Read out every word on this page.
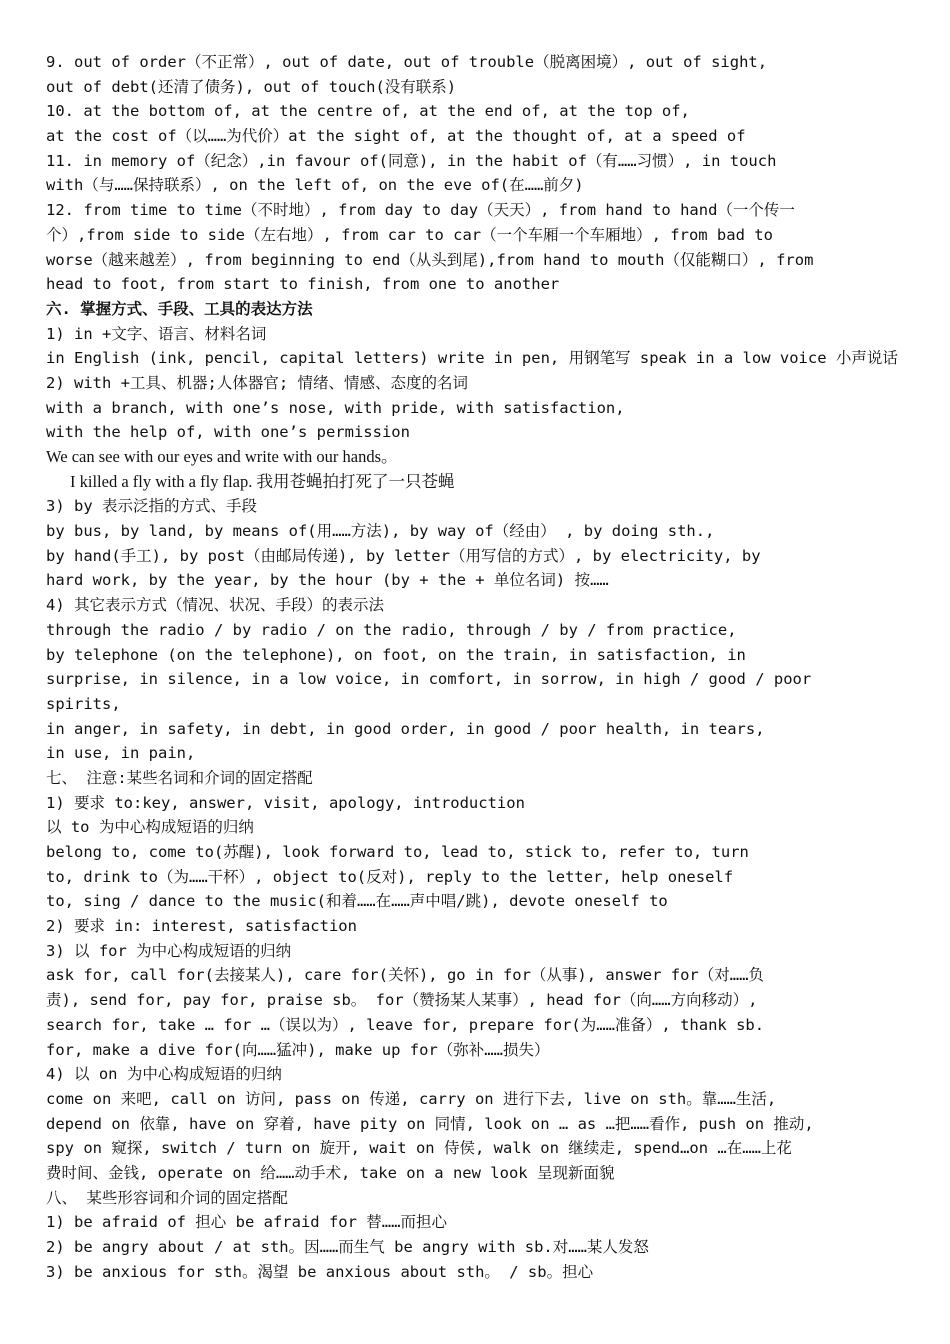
9. out of order（不正常）, out of date, out of trouble（脱离困境）, out of sight,
out of debt(还清了债务), out of touch(没有联系)
10. at the bottom of, at the centre of, at the end of, at the top of,
at the cost of（以……为代价）at the sight of, at the thought of, at a speed of
11. in memory of（纪念）,in favour of(同意), in the habit of（有……习惯）, in touch
with（与……保持联系）, on the left of, on the eve of(在……前夕)
12. from time to time（不时地）, from day to day（天天）, from hand to hand（一个传一
个）,from side to side（左右地）, from car to car（一个车厢一个车厢地）, from bad to
worse（越来越差）, from beginning to end（从头到尾),from hand to mouth（仅能糊口）, from
head to foot, from start to finish, from one to another
六. 掌握方式、手段、工具的表达方法
1) in +文字、语言、材料名词
in English (ink, pencil, capital letters) write in pen, 用钢笔写 speak in a low voice 小声说话
2) with +工具、机器;人体器官; 情绪、情感、态度的名词
with a branch, with one’s nose, with pride, with satisfaction,
with the help of, with one’s permission
We can see with our eyes and write with our hands。
I killed a fly with a fly flap. 我用苍蝇拍打死了一只苍蝇
3) by 表示泛指的方式、手段
by bus, by land, by means of(用……方法), by way of（经由） , by doing sth.,
by hand(手工), by post（由邮局传递), by letter（用写信的方式）, by electricity, by
hard work, by the year, by the hour (by + the + 单位名词) 按……
4) 其它表示方式（情况、状况、手段）的表示法
through the radio / by radio / on the radio, through / by / from practice,
by telephone (on the telephone), on foot, on the train, in satisfaction, in
surprise, in silence, in a low voice, in comfort, in sorrow, in high / good / poor
spirits,
in anger, in safety, in debt, in good order, in good / poor health, in tears,
in use, in pain,
七、 注意:某些名词和介词的固定搭配
1) 要求 to:key, answer, visit, apology, introduction
以 to 为中心构成短语的归纳
belong to, come to(苏醒), look forward to, lead to, stick to, refer to, turn
to, drink to（为……干杯）, object to(反对), reply to the letter, help oneself
to, sing / dance to the music(和着……在……声中唱/跳), devote oneself to
2) 要求 in: interest, satisfaction
3) 以 for 为中心构成短语的归纳
ask for, call for(去接某人), care for(关怀), go in for（从事), answer for（对……负
责), send for, pay for, praise sb。 for（赞扬某人某事）, head for（向……方向移动）,
search for, take … for …（误以为）, leave for, prepare for(为……准备）, thank sb.
for, make a dive for(向……猛冲), make up for（弥补……损失）
4) 以 on 为中心构成短语的归纳
come on 来吧, call on 访问, pass on 传递, carry on 进行下去, live on sth。靠……生活,
depend on 依靠, have on 穿着, have pity on 同情, look on … as …把……看作, push on 推动,
spy on 窥探, switch / turn on 旋开, wait on 侍侯, walk on 继续走, spend…on …在……上花
费时间、金钱, operate on 给……动手术, take on a new look 呈现新面貌
八、 某些形容词和介词的固定搭配
1) be afraid of 担心 be afraid for 替……而担心
2) be angry about / at sth。因……而生气 be angry with sb.对……某人发怒
3) be anxious for sth。渴望 be anxious about sth。 / sb。担心
